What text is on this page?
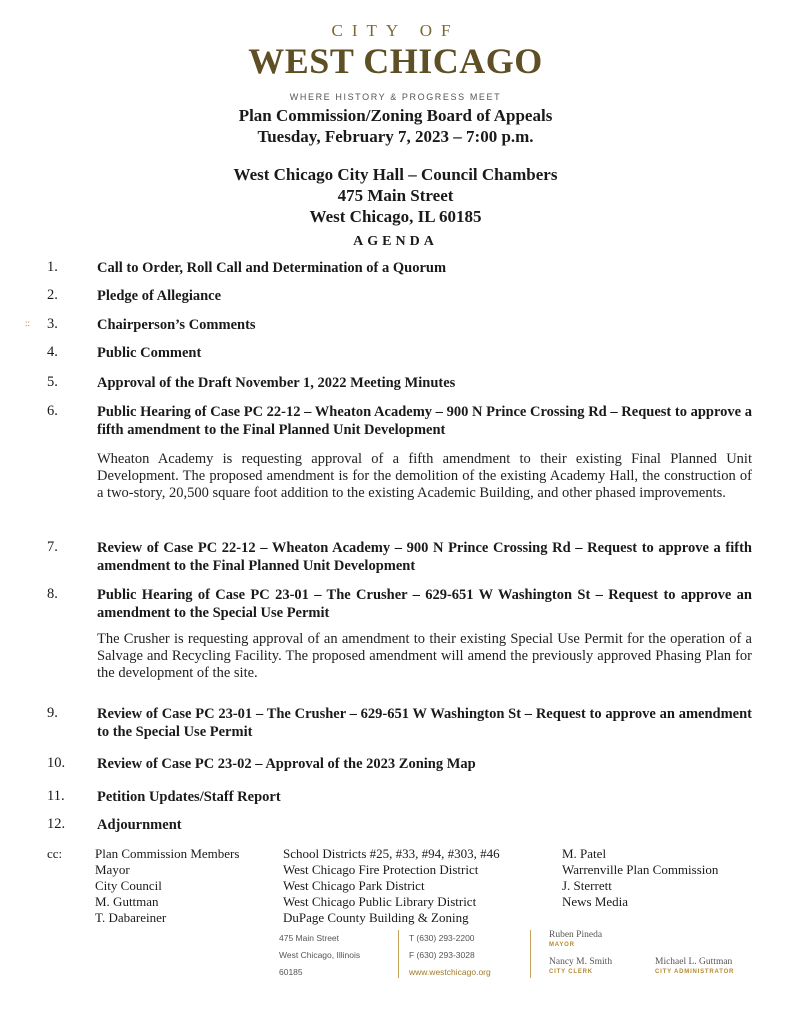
CITY OF
WEST CHICAGO
WHERE HISTORY & PROGRESS MEET
Plan Commission/Zoning Board of Appeals
Tuesday, February 7, 2023 – 7:00 p.m.
West Chicago City Hall – Council Chambers
475 Main Street
West Chicago, IL 60185
AGENDA
::
1.	Call to Order, Roll Call and Determination of a Quorum
2.	Pledge of Allegiance
3.	Chairperson’s Comments
4.	Public Comment
5.	Approval of the Draft November 1, 2022 Meeting Minutes
6.	Public Hearing of Case PC 22-12 – Wheaton Academy – 900 N Prince Crossing Rd – Request to approve a fifth amendment to the Final Planned Unit Development
Wheaton Academy is requesting approval of a fifth amendment to their existing Final Planned Unit Development. The proposed amendment is for the demolition of the existing Academy Hall, the construction of a two-story, 20,500 square foot addition to the existing Academic Building, and other phased improvements.
7.	Review of Case PC 22-12 – Wheaton Academy – 900 N Prince Crossing Rd – Request to approve a fifth amendment to the Final Planned Unit Development
8.	Public Hearing of Case PC 23-01 – The Crusher – 629-651 W Washington St – Request to approve an amendment to the Special Use Permit
The Crusher is requesting approval of an amendment to their existing Special Use Permit for the operation of a Salvage and Recycling Facility. The proposed amendment will amend the previously approved Phasing Plan for the development of the site.
9.	Review of Case PC 23-01 – The Crusher – 629-651 W Washington St – Request to approve an amendment to the Special Use Permit
10. Review of Case PC 23-02 – Approval of the 2023 Zoning Map
11. Petition Updates/Staff Report
12. Adjournment
cc:	Plan Commission Members
Mayor
City Council
M. Guttman
T. Dabareiner
School Districts #25, #33, #94, #303, #46
West Chicago Fire Protection District
West Chicago Park District
West Chicago Public Library District
DuPage County Building & Zoning
M. Patel
Warrenville Plan Commission
J. Sterrett
News Media
475 Main Street
West Chicago, Illinois
60185
T (630) 293-2200
F (630) 293-3028
www.westchicago.org
Ruben Pineda
MAYOR
Nancy M. Smith
CITY CLERK
Michael L. Guttman
CITY ADMINISTRATOR
